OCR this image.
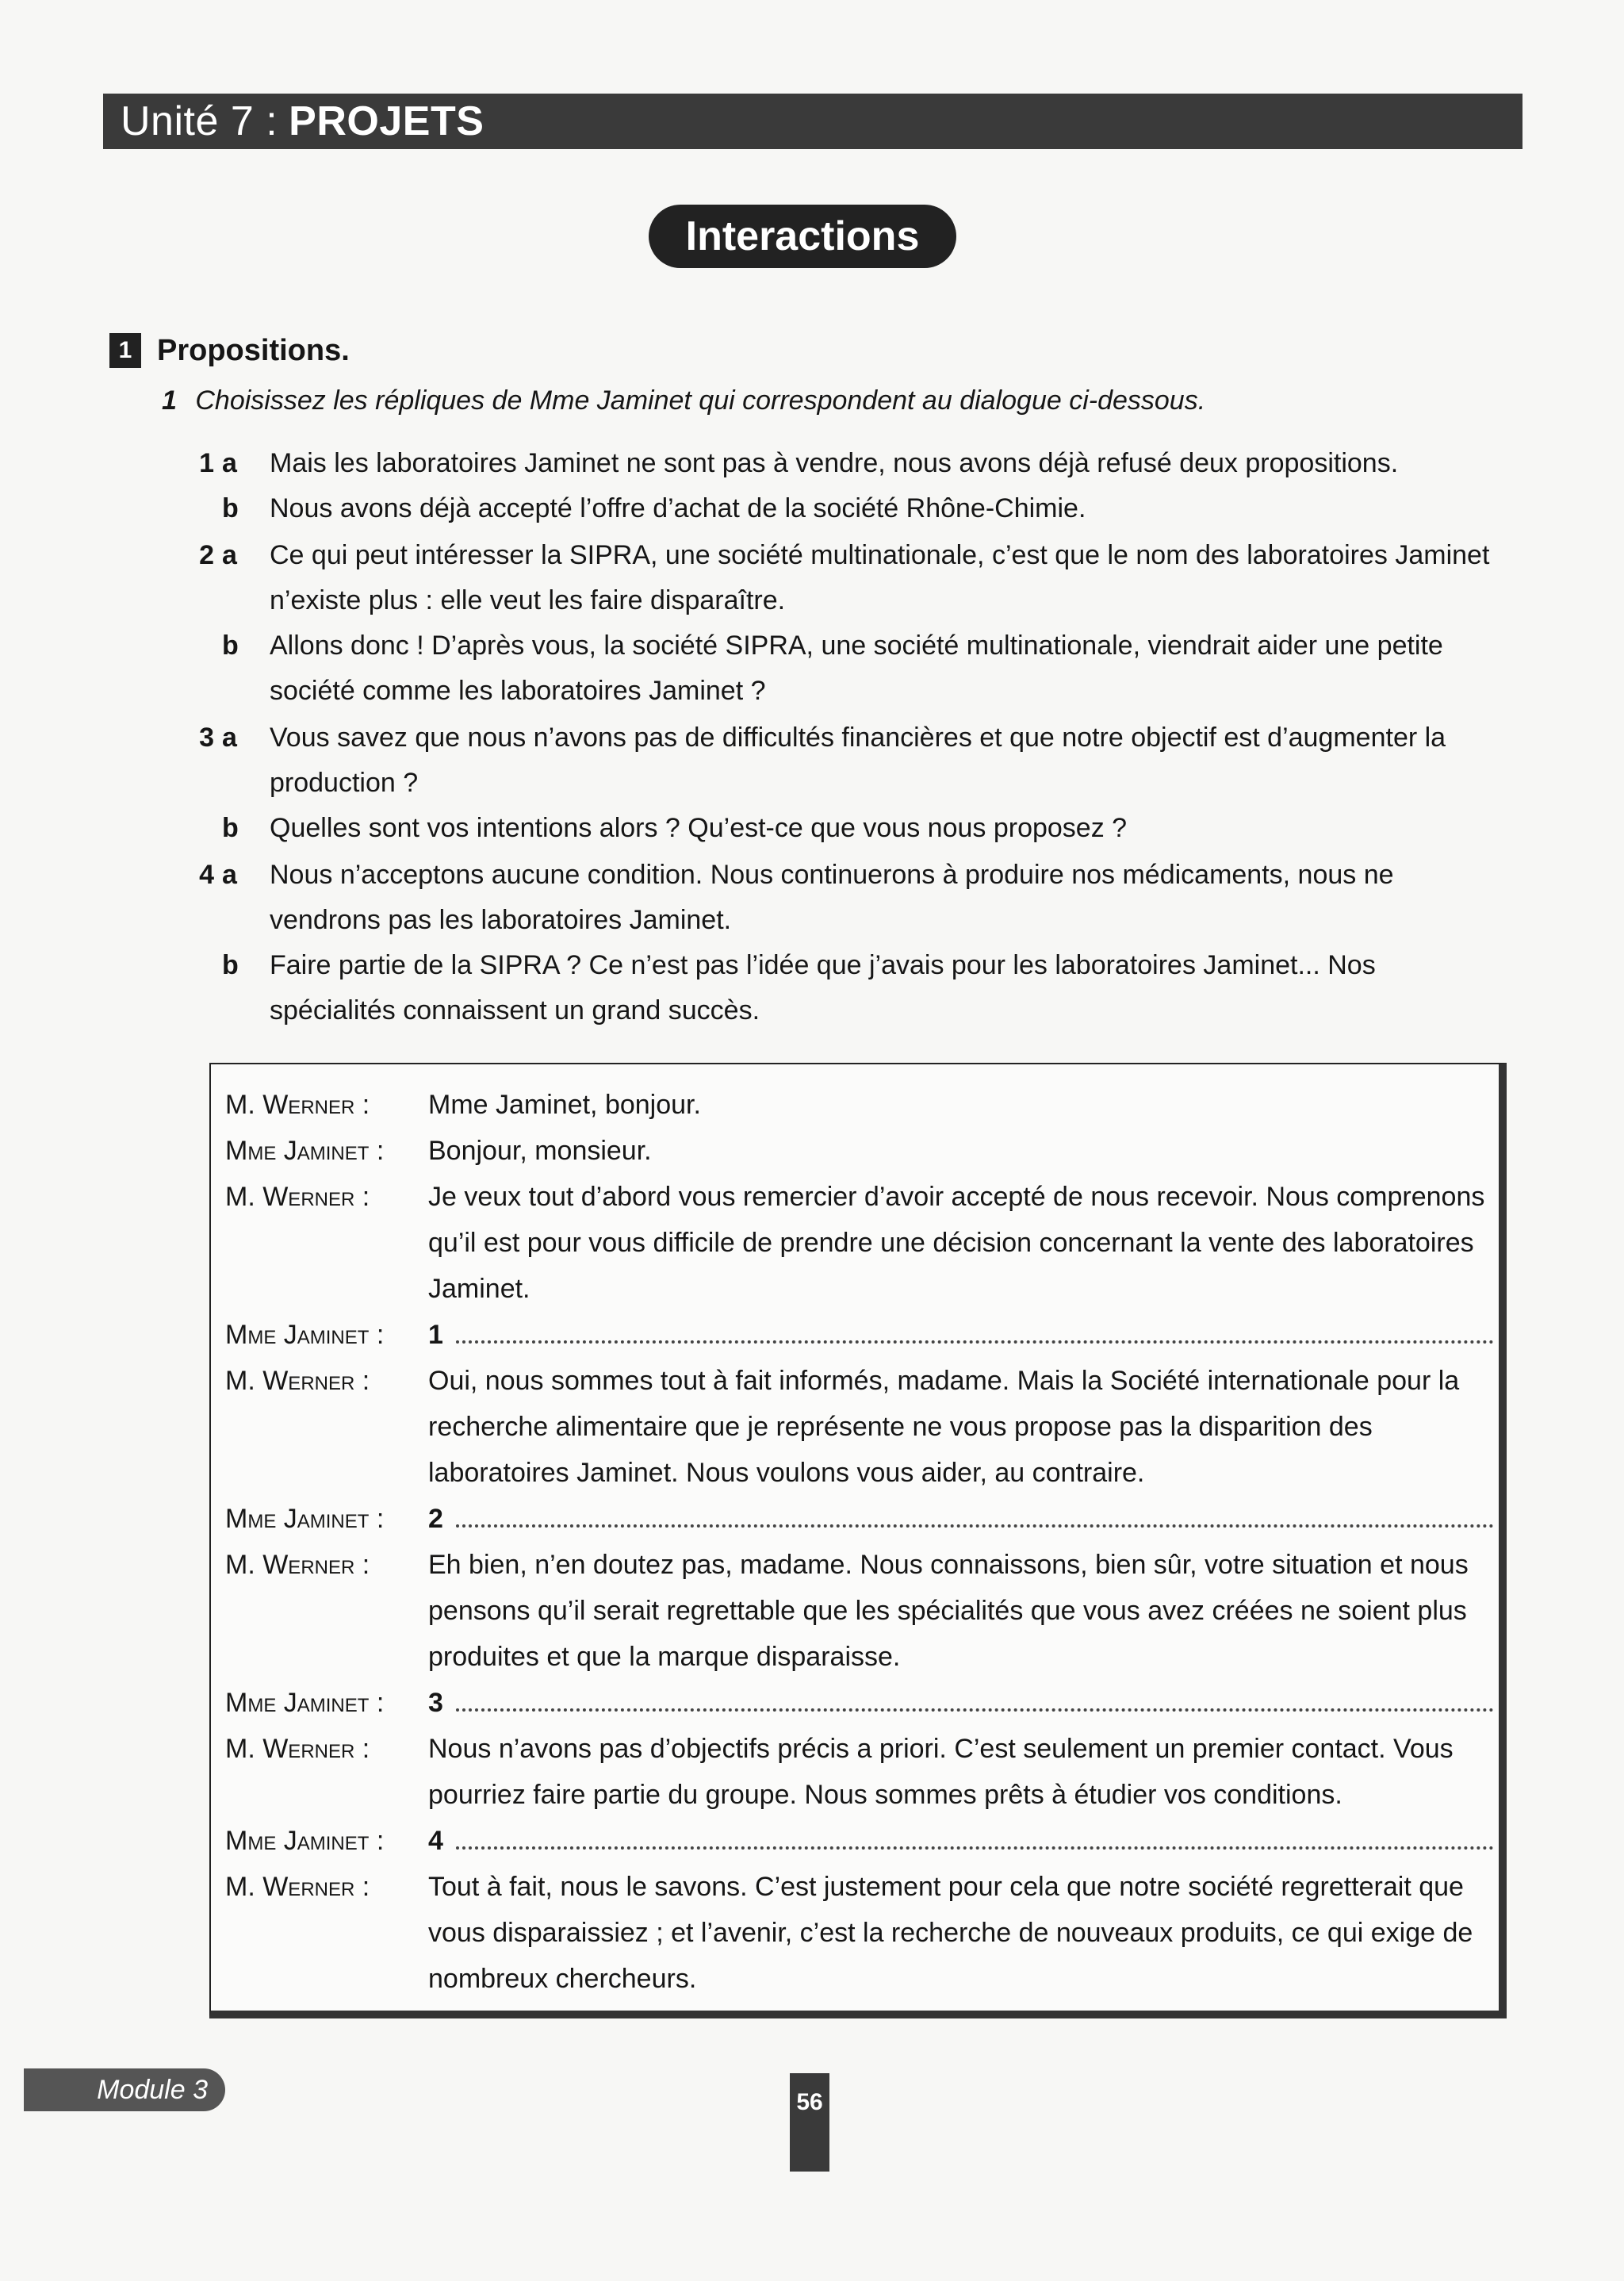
Unité 7 : PROJETS
Interactions
1 Propositions.
1 Choisissez les répliques de Mme Jaminet qui correspondent au dialogue ci-dessous.
1 a Mais les laboratoires Jaminet ne sont pas à vendre, nous avons déjà refusé deux propositions.
b Nous avons déjà accepté l’offre d’achat de la société Rhône-Chimie.
2 a Ce qui peut intéresser la SIPRA, une société multinationale, c’est que le nom des laboratoires Jaminet n’existe plus : elle veut les faire disparaître.
b Allons donc ! D’après vous, la société SIPRA, une société multinationale, viendrait aider une petite société comme les laboratoires Jaminet ?
3 a Vous savez que nous n’avons pas de difficultés financières et que notre objectif est d’augmenter la production ?
b Quelles sont vos intentions alors ? Qu’est-ce que vous nous proposez ?
4 a Nous n’acceptons aucune condition. Nous continuerons à produire nos médicaments, nous ne vendrons pas les laboratoires Jaminet.
b Faire partie de la SIPRA ? Ce n’est pas l’idée que j’avais pour les laboratoires Jaminet... Nos spécialités connaissent un grand succès.
M. Werner :	Mme Jaminet, bonjour.
Mme Jaminet :	Bonjour, monsieur.
M. Werner :	Je veux tout d’abord vous remercier d’avoir accepté de nous recevoir. Nous comprenons qu’il est pour vous difficile de prendre une décision concernant la vente des laboratoires Jaminet.
Mme Jaminet :	1
M. Werner :	Oui, nous sommes tout à fait informés, madame. Mais la Société internationale pour la recherche alimentaire que je représente ne vous propose pas la disparition des laboratoires Jaminet. Nous voulons vous aider, au contraire.
Mme Jaminet :	2
M. Werner :	Eh bien, n’en doutez pas, madame. Nous connaissons, bien sûr, votre situation et nous pensons qu’il serait regrettable que les spécialités que vous avez créées ne soient plus produites et que la marque disparaisse.
Mme Jaminet :	3
M. Werner :	Nous n’avons pas d’objectifs précis a priori. C’est seulement un premier contact. Vous pourriez faire partie du groupe. Nous sommes prêts à étudier vos conditions.
Mme Jaminet :	4
M. Werner :	Tout à fait, nous le savons. C’est justement pour cela que notre société regretterait que vous disparaissiez ; et l’avenir, c’est la recherche de nouveaux produits, ce qui exige de nombreux chercheurs.
Module 3	56
